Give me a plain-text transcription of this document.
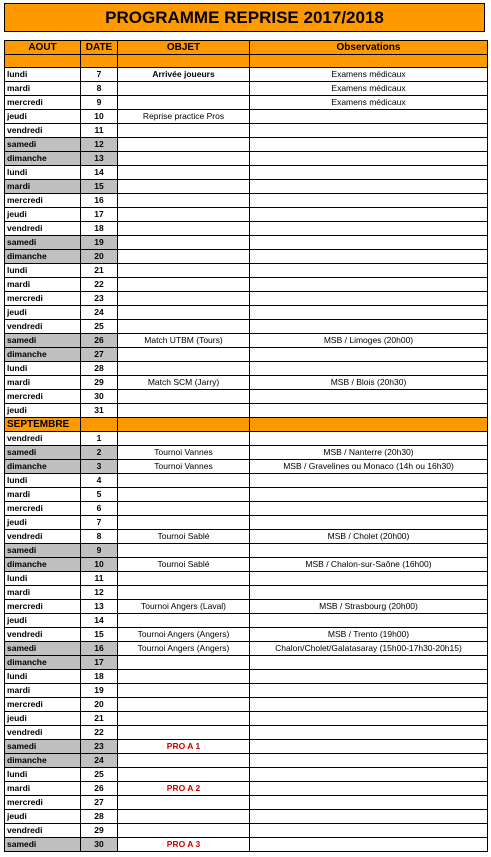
PROGRAMME REPRISE 2017/2018
AOUT	DATE	OBJET	Observations

lundi	7	Arrivée joueurs	Examens médicaux
mardi	8		Examens médicaux
mercredi	9		Examens médicaux
jeudi	10	Reprise practice Pros	
vendredi	11		
samedi	12		
dimanche	13		
lundi	14		
mardi	15		
mercredi	16		
jeudi	17		
vendredi	18		
samedi	19		
dimanche	20		
lundi	21		
mardi	22		
mercredi	23		
jeudi	24		
vendredi	25		
samedi	26	Match UTBM (Tours)	MSB / Limoges (20h00)
dimanche	27		
lundi	28		
mardi	29	Match SCM (Jarry)	MSB / Blois (20h30)
mercredi	30		
jeudi	31		
SEPTEMBRE			
vendredi	1		
samedi	2	Tournoi Vannes	MSB / Nanterre (20h30)
dimanche	3	Tournoi Vannes	MSB / Gravelines ou Monaco (14h ou 16h30)
lundi	4		
mardi	5		
mercredi	6		
jeudi	7		
vendredi	8	Tournoi Sablé	MSB / Cholet (20h00)
samedi	9		
dimanche	10	Tournoi Sablé	MSB / Chalon-sur-Saône (16h00)
lundi	11		
mardi	12		
mercredi	13	Tournoi Angers (Laval)	MSB / Strasbourg (20h00)
jeudi	14		
vendredi	15	Tournoi Angers (Angers)	MSB / Trento (19h00)
samedi	16	Tournoi Angers (Angers)	Chalon/Cholet/Galatasaray (15h00-17h30-20h15)
dimanche	17		
lundi	18		
mardi	19		
mercredi	20		
jeudi	21		
vendredi	22		
samedi	23	PRO A 1	
dimanche	24		
lundi	25		
mardi	26	PRO A 2	
mercredi	27		
jeudi	28		
vendredi	29		
samedi	30	PRO A 3	
